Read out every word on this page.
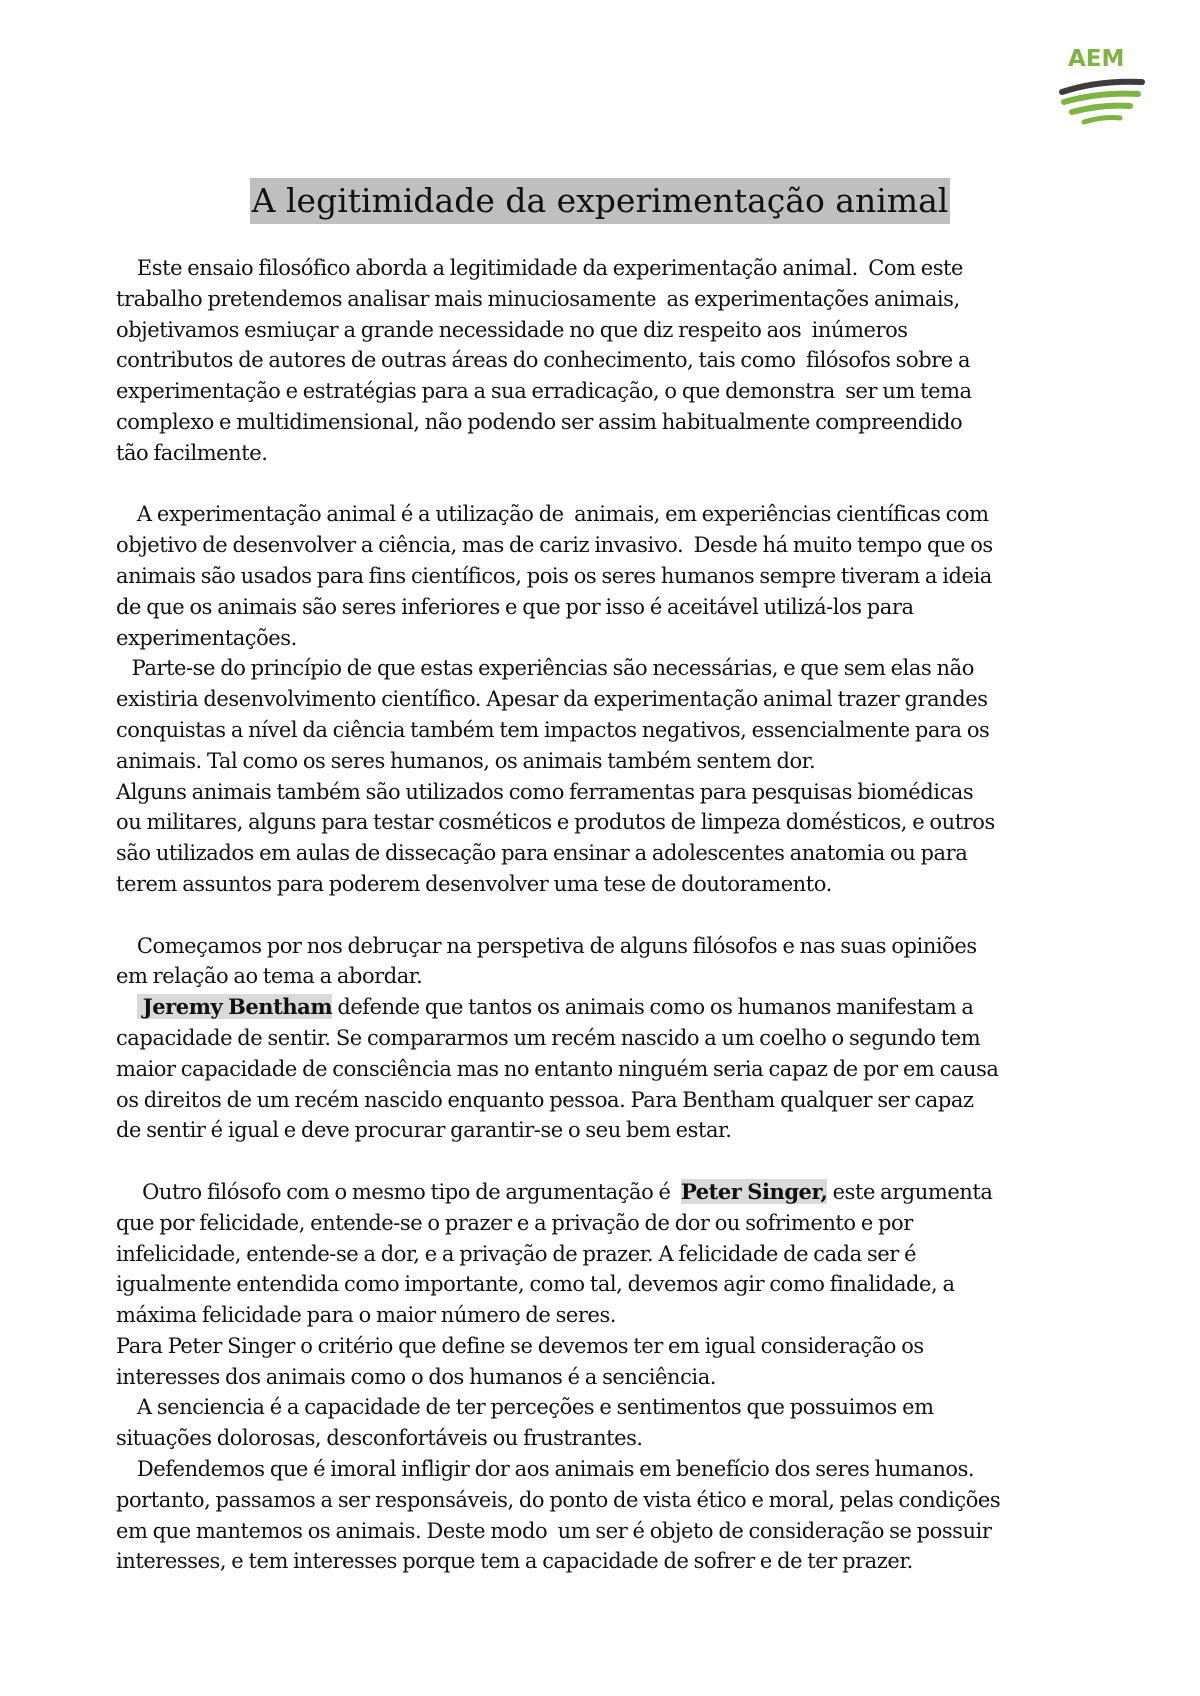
AEM
A legitimidade da experimentação animal
Este ensaio filosófico aborda a legitimidade da experimentação animal.  Com este
trabalho pretendemos analisar mais minuciosamente  as experimentações animais,
objetivamos esmiuçar a grande necessidade no que diz respeito aos  inúmeros
contributos de autores de outras áreas do conhecimento, tais como  filósofos sobre a
experimentação e estratégias para a sua erradicação, o que demonstra  ser um tema
complexo e multidimensional, não podendo ser assim habitualmente compreendido
tão facilmente.
A experimentação animal é a utilização de  animais, em experiências científicas com
objetivo de desenvolver a ciência, mas de cariz invasivo.  Desde há muito tempo que os
animais são usados para fins científicos, pois os seres humanos sempre tiveram a ideia
de que os animais são seres inferiores e que por isso é aceitável utilizá-los para
experimentações.
Parte-se do princípio de que estas experiências são necessárias, e que sem elas não
existiria desenvolvimento científico. Apesar da experimentação animal trazer grandes
conquistas a nível da ciência também tem impactos negativos, essencialmente para os
animais. Tal como os seres humanos, os animais também sentem dor.
Alguns animais também são utilizados como ferramentas para pesquisas biomédicas
ou militares, alguns para testar cosméticos e produtos de limpeza domésticos, e outros
são utilizados em aulas de dissecação para ensinar a adolescentes anatomia ou para
terem assuntos para poderem desenvolver uma tese de doutoramento.
Começamos por nos debruçar na perspetiva de alguns filósofos e nas suas opiniões
em relação ao tema a abordar.
Jeremy Bentham defende que tantos os animais como os humanos manifestam a
capacidade de sentir. Se compararmos um recém nascido a um coelho o segundo tem
maior capacidade de consciência mas no entanto ninguém seria capaz de por em causa
os direitos de um recém nascido enquanto pessoa. Para Bentham qualquer ser capaz
de sentir é igual e deve procurar garantir-se o seu bem estar.
Outro filósofo com o mesmo tipo de argumentação é  Peter Singer, este argumenta
que por felicidade, entende-se o prazer e a privação de dor ou sofrimento e por
infelicidade, entende-se a dor, e a privação de prazer. A felicidade de cada ser é
igualmente entendida como importante, como tal, devemos agir como finalidade, a
máxima felicidade para o maior número de seres.
Para Peter Singer o critério que define se devemos ter em igual consideração os
interesses dos animais como o dos humanos é a senciência.
A senciencia é a capacidade de ter perceções e sentimentos que possuimos em
situações dolorosas, desconfortáveis ou frustrantes.
Defendemos que é imoral infligir dor aos animais em benefício dos seres humanos.
portanto, passamos a ser responsáveis, do ponto de vista ético e moral, pelas condições
em que mantemos os animais. Deste modo  um ser é objeto de consideração se possuir
interesses, e tem interesses porque tem a capacidade de sofrer e de ter prazer.
